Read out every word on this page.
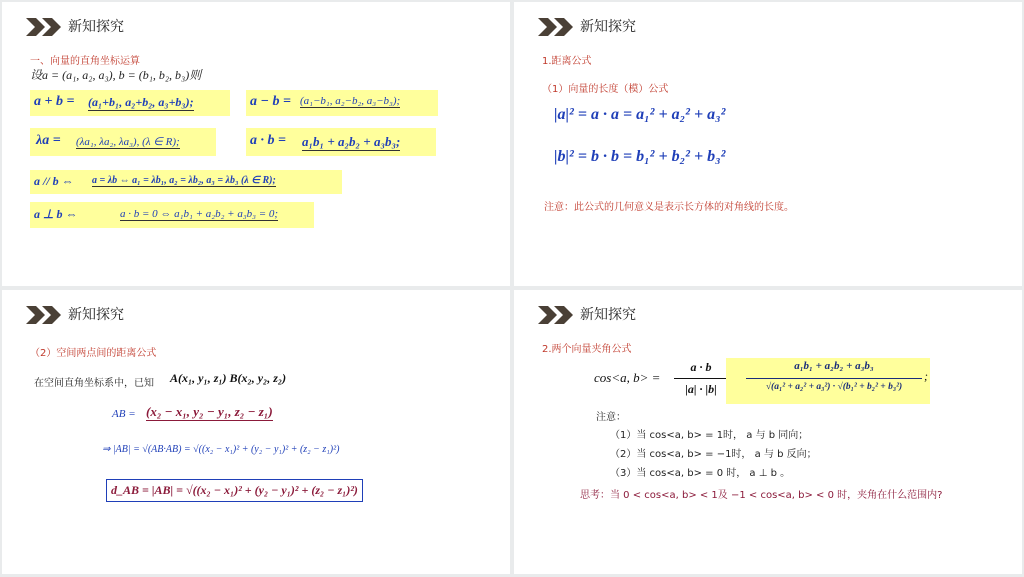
新知探究
一、向量的直角坐标运算
设a = (a₁, a₂, a₃), b = (b₁, b₂, b₃)则
a + b = (a₁+b₁, a₂+b₂, a₃+b₃);	a − b = (a₁−b₁, a₂−b₂, a₃−b₃);
λa = (λa₁, λa₂, λa₃), (λ ∈ R);	a · b = a₁b₁ + a₂b₂ + a₃b₃;
a // b ⇔ a = λb ⇔ a₁ = λb₁, a₂ = λb₂, a₃ = λb₃ (λ ∈ R);
a ⊥ b ⇔	a · b = 0 ⇔ a₁b₁ + a₂b₂ + a₃b₃ = 0;
新知探究
1.距离公式
（1）向量的长度（模）公式
|a|² = a · a = a₁² + a₂² + a₃²
|b|² = b · b = b₁² + b₂² + b₃²
注意：此公式的几何意义是表示长方体的对角线的长度。
新知探究
（2）空间两点间的距离公式
在空间直角坐标系中，已知 A(x₁, y₁, z₁) B(x₂, y₂, z₂)
AB = (x₂ − x₁, y₂ − y₁, z₂ − z₁)
⇒ |AB| = √(AB·AB) = √((x₂ − x₁)² + (y₂ − y₁)² + (z₂ − z₁)²)
d_AB = |AB| = √((x₂ − x₁)² + (y₂ − y₁)² + (z₂ − z₁)²)
新知探究
2.两个向量夹角公式
cos<a, b> =
a · b
|a| · |b|
a₁b₁ + a₂b₂ + a₃b₃
√(a₁² + a₂² + a₃²) · √(b₁² + b₂² + b₃²)
;
注意：
（1）当 cos<a, b> = 1时， a 与 b 同向；
（2）当 cos<a, b> = −1时， a 与 b 反向；
（3）当 cos<a, b> = 0 时， a ⊥ b 。
思考：当 0 < cos<a, b> < 1及 −1 < cos<a, b> < 0 时，夹角在什么范围内?
